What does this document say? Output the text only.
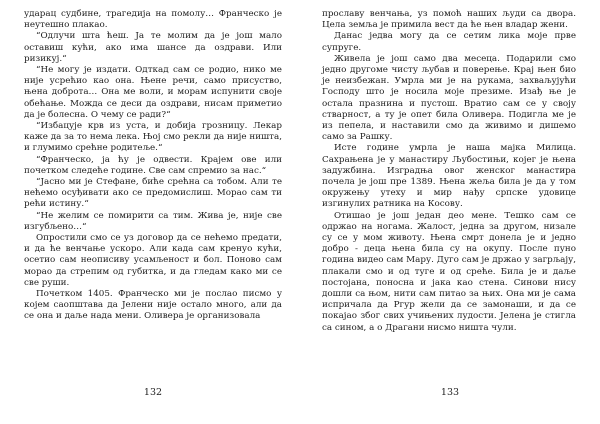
ударац судбине, трагедија на помолу… Франческо је неутешно плакао.

“Одлучи шта ћеш. Ја те молим да је још мало оставиш кући, ако има шансе да оздрави. Или ризикуј.“

“Не могу је издати. Одткад сам се родио, нико ме није усрећио као она. Њене речи, само присуство, њена доброта… Она ме воли, и морам испунити своје обећање. Можда се деси да оздрави, нисам приметио да је болесна. О чему се ради?“

“Избацује крв из уста, и добија грозницу. Лекар каже да за то нема лека. Њој смо рекли да није ништа, и глумимо срећне родитеље.“

“Франческо, ја ћу је одвести. Крајем ове или почетком следеће године. Све сам спремио за нас.“

“Јасно ми је Стефане, биће срећна са тобом. Али те нећемо осуђивати ако се предомислиш. Морао сам ти рећи истину.“

“Не желим се помирити са тим. Жива је, није све изгубљено…“

Опростили смо се уз договор да се нећемо предати, и да ће венчање ускоро. Али када сам кренуо кући, осетио сам неописиву усамљеност и бол. Поново сам морао да стрепим од губитка, и да гледам како ми се све руши.

Почетком 1405. Франческо ми је послао писмо у којем саопштава да Јелени није остало много, али да се она и даље нада мени. Оливера је организовала

132

прославу венчања, уз помоћ наших људи са двора. Цела земља је примила вест да ће њен владар жени.

Данас једва могу да се сетим лика моје прве супруге.

Живела је још само два месеца. Подарили смо једно другоме чисту љубав и поверење. Крај њен био је неизбежан. Умрла ми је на рукама, захваљујући Господу што је носила моје презиме. Изађ ње је остала празнина и пустош. Вратио сам се у своју стварност, а ту је опет била Оливера. Подигла ме је из пепела, и наставили смо да живимо и дишемо само за Рашку.

Исте године умрла је наша мајка Милица. Сахрањена је у манастиру Љубостињи, којег је њена задужбина. Изградња овог женског манастира почела је још пре 1389. Њена жеља била је да у том окружењу утеху и мир нађу српске удовице изгинулих ратника на Косову.

Отишао је још један део мене. Тешко сам се одржао на ногама. Жалост, једна за другом, низале су се у мом животу. Њена смрт донела је и једно добро - деца њена била су на окупу. После пуно година видео сам Мару. Дуго сам је држао у загрљају, плакали смо и од туге и од среће. Била је и даље постојана, поносна и јака као стена. Синови нису дошли са њом, нити сам питао за њих. Она ми је сама испричала да Ргур жели да се замонаши, и да се покајао због свих учињених лудости. Јелена је стигла са сином, а о Драгани нисмо ништа чули.

133
